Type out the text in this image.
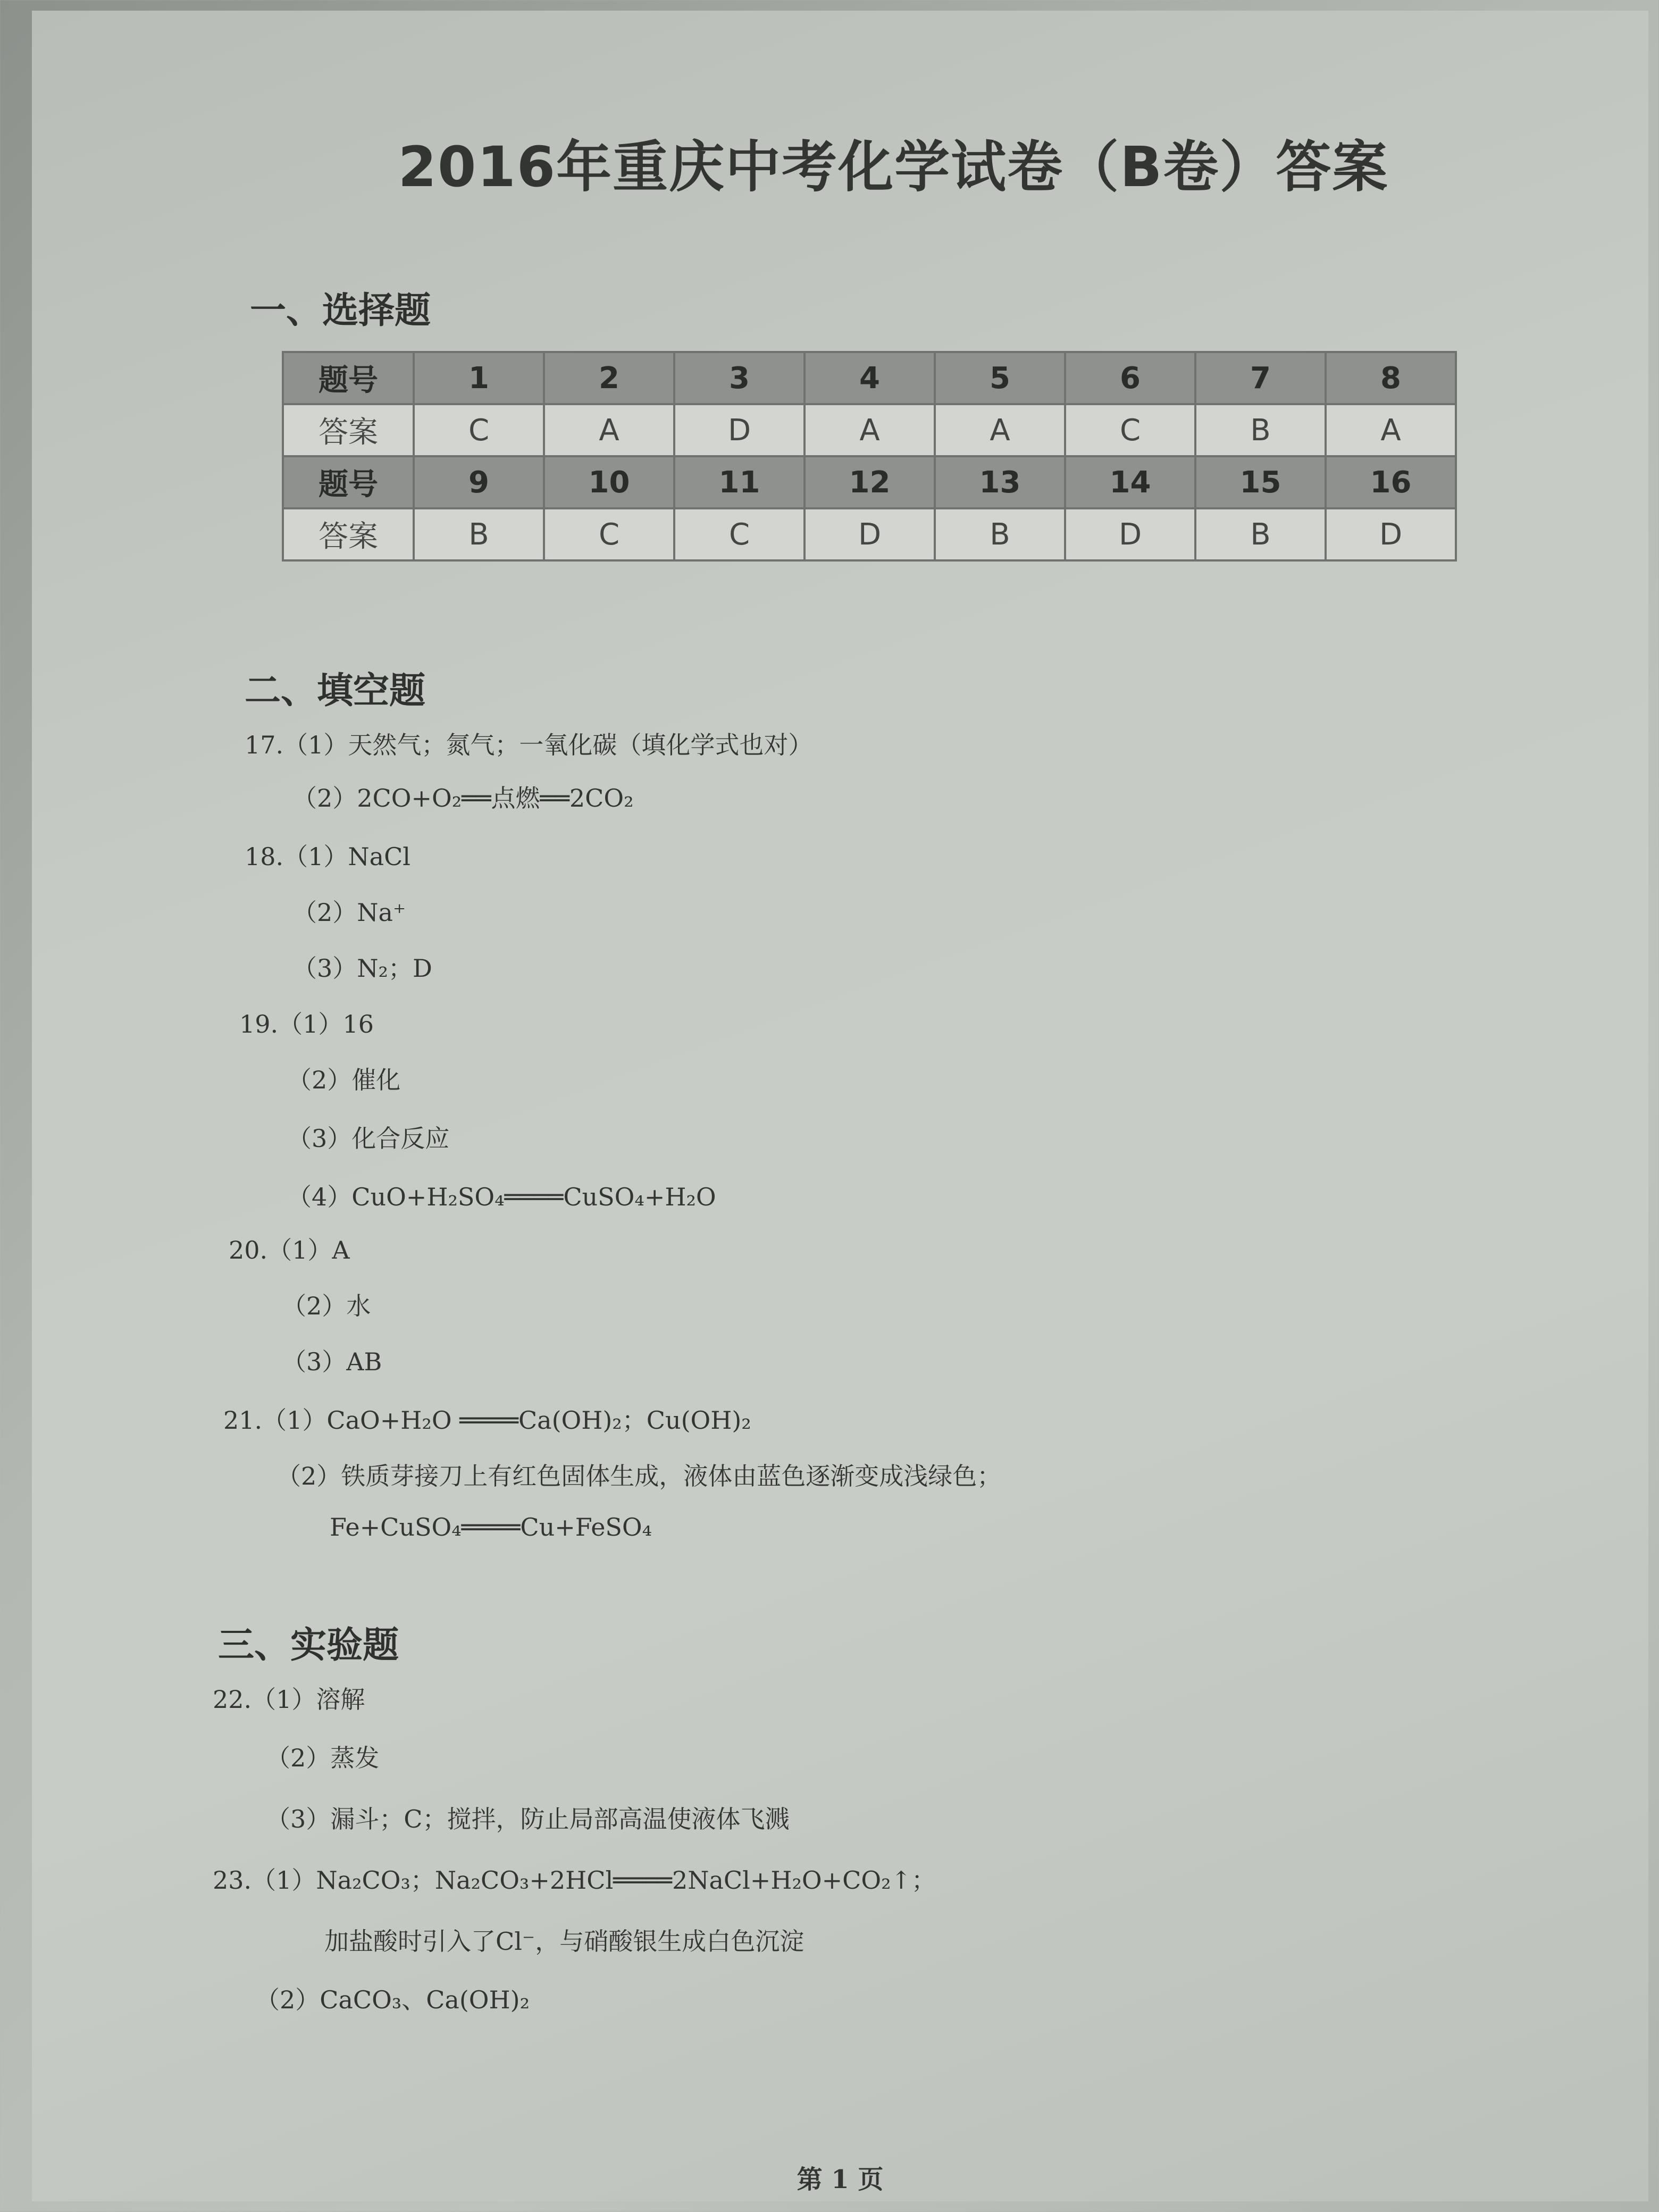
2016年重庆中考化学试卷（B卷）答案
一、选择题
题号	1	2	3	4	5	6	7	8
答案	C	A	D	A	A	C	B	A
题号	9	10	11	12	13	14	15	16
答案	B	C	C	D	B	D	B	D
二、填空题
17.（1）天然气；氮气；一氧化碳（填化学式也对）
（2）2CO+O₂══点燃══2CO₂
18.（1）NaCl
（2）Na⁺
（3）N₂；D
19.（1）16
（2）催化
（3）化合反应
（4）CuO+H₂SO₄════CuSO₄+H₂O
20.（1）A
（2）水
（3）AB
21.（1）CaO+H₂O ════Ca(OH)₂；Cu(OH)₂
（2）铁质芽接刀上有红色固体生成，液体由蓝色逐渐变成浅绿色；
Fe+CuSO₄════Cu+FeSO₄
三、实验题
22.（1）溶解
（2）蒸发
（3）漏斗；C；搅拌，防止局部高温使液体飞溅
23.（1）Na₂CO₃；Na₂CO₃+2HCl════2NaCl+H₂O+CO₂↑；
加盐酸时引入了Cl⁻，与硝酸银生成白色沉淀
（2）CaCO₃、Ca(OH)₂
第 1 页
